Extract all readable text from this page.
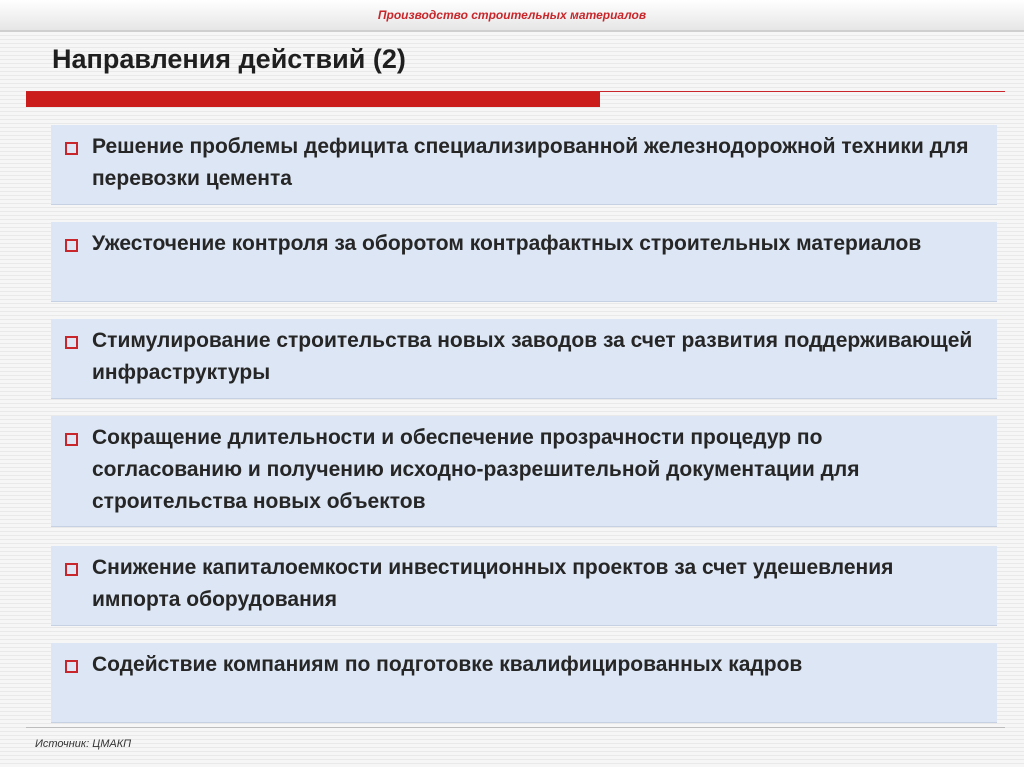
Производство строительных материалов
Направления действий (2)
Решение проблемы дефицита специализированной железнодорожной техники для перевозки цемента
Ужесточение контроля за оборотом контрафактных строительных материалов
Стимулирование строительства новых заводов за счет развития поддерживающей инфраструктуры
Сокращение длительности и обеспечение прозрачности процедур по согласованию и получению исходно-разрешительной документации для строительства новых объектов
Снижение капиталоемкости инвестиционных проектов за счет удешевления импорта оборудования
Содействие компаниям по подготовке квалифицированных кадров
Источник: ЦМАКП
